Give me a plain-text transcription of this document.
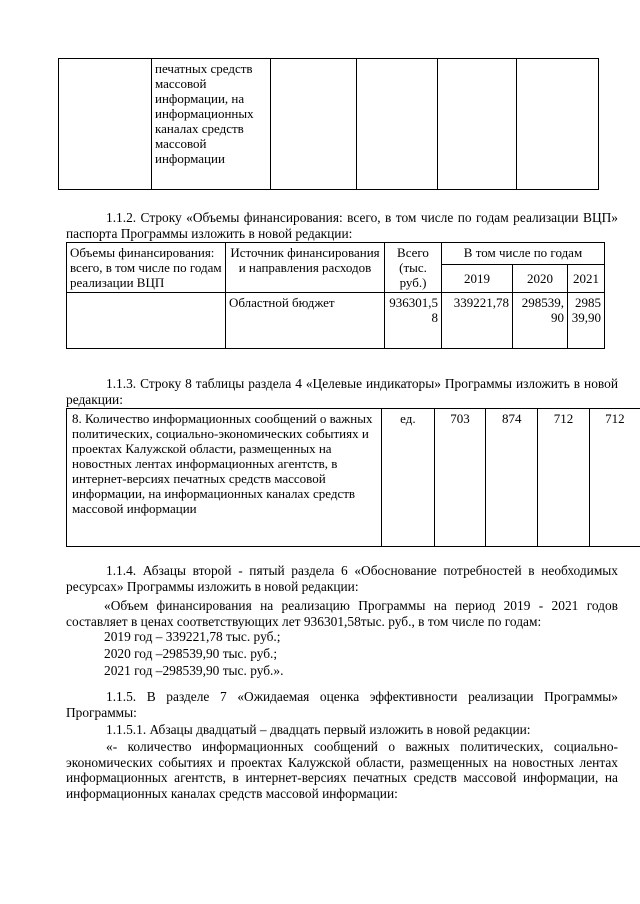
	печатных средств массовой информации, на информационных каналах средств массовой информации				
1.1.2. Строку «Объемы финансирования: всего, в том числе по годам реализации ВЦП» паспорта Программы изложить в новой редакции:
Объемы финансирования: всего, в том числе по годам реализации ВЦП	Источник финансирования и направления расходов	Всего (тыс. руб.)	В том числе по годам		
			2019	2020	2021
	Областной бюджет	936301,58	339221,78	298539,90	298539,90
1.1.3. Строку 8 таблицы раздела 4 «Целевые индикаторы» Программы изложить в новой редакции:
8. Количество информационных сообщений о важных политических, социально-экономических событиях и проектах Калужской области, размещенных на новостных лентах информационных агентств, в интернет-версиях печатных средств массовой информации, на информационных каналах средств массовой информации	ед.	703	874	712	712
1.1.4. Абзацы второй - пятый раздела 6 «Обоснование потребностей в необходимых ресурсах» Программы изложить в новой редакции:
«Объем финансирования на реализацию Программы на период 2019 - 2021 годов составляет в ценах соответствующих лет 936301,58тыс. руб., в том числе по годам:
2019 год – 339221,78 тыс. руб.;
2020 год –298539,90 тыс. руб.;
2021 год –298539,90 тыс. руб.».
1.1.5. В разделе 7 «Ожидаемая оценка эффективности реализации Программы» Программы:
1.1.5.1. Абзацы двадцатый – двадцать первый изложить в новой редакции:
«- количество информационных сообщений о важных политических, социально-экономических событиях и проектах Калужской области, размещенных на новостных лентах информационных агентств, в интернет-версиях печатных средств массовой информации, на информационных каналах средств массовой информации:
